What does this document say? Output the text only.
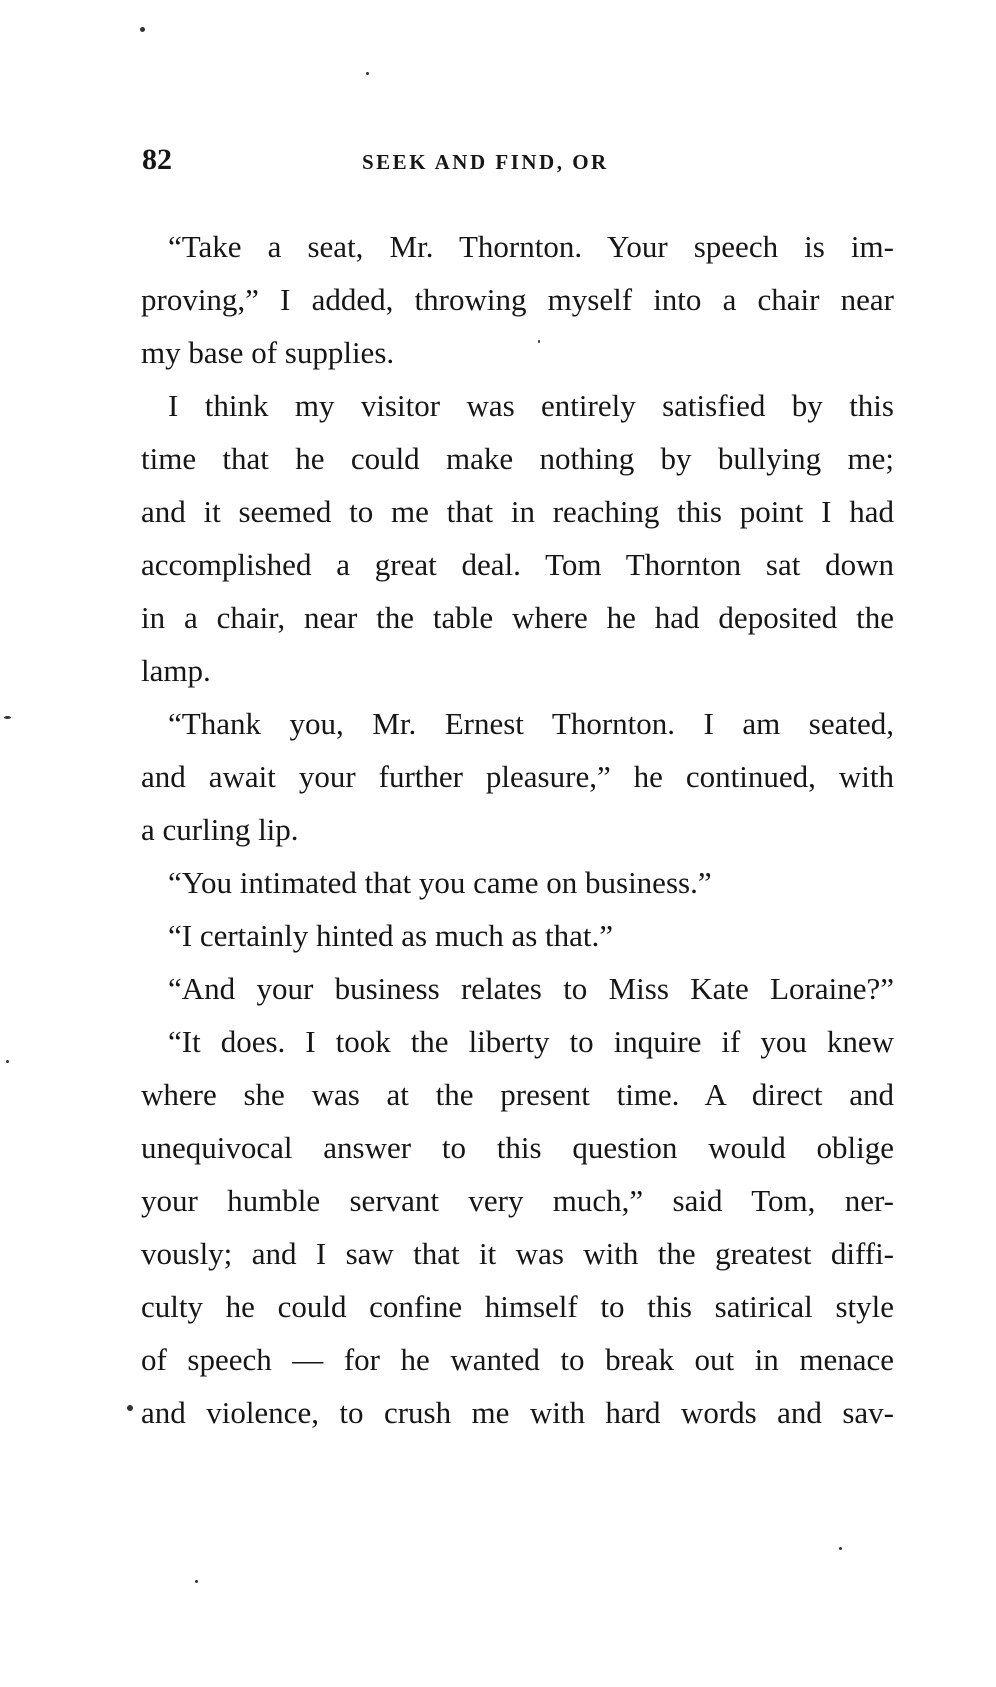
82	SEEK AND FIND, OR

“Take a seat, Mr. Thornton. Your speech is im-

proving,” I added, throwing myself into a chair near

my base of supplies.

I think my visitor was entirely satisfied by this

time that he could make nothing by bullying me;

and it seemed to me that in reaching this point I had

accomplished a great deal. Tom Thornton sat down

in a chair, near the table where he had deposited the

lamp.

“Thank you, Mr. Ernest Thornton. I am seated,

and await your further pleasure,” he continued, with

a curling lip.

“You intimated that you came on business.”

“I certainly hinted as much as that.”

“And your business relates to Miss Kate Loraine?”

“It does. I took the liberty to inquire if you knew

where she was at the present time. A direct and

unequivocal answer to this question would oblige

your humble servant very much,” said Tom, ner-

vously; and I saw that it was with the greatest diffi-

culty he could confine himself to this satirical style

of speech — for he wanted to break out in menace

and violence, to crush me with hard words and sav-
